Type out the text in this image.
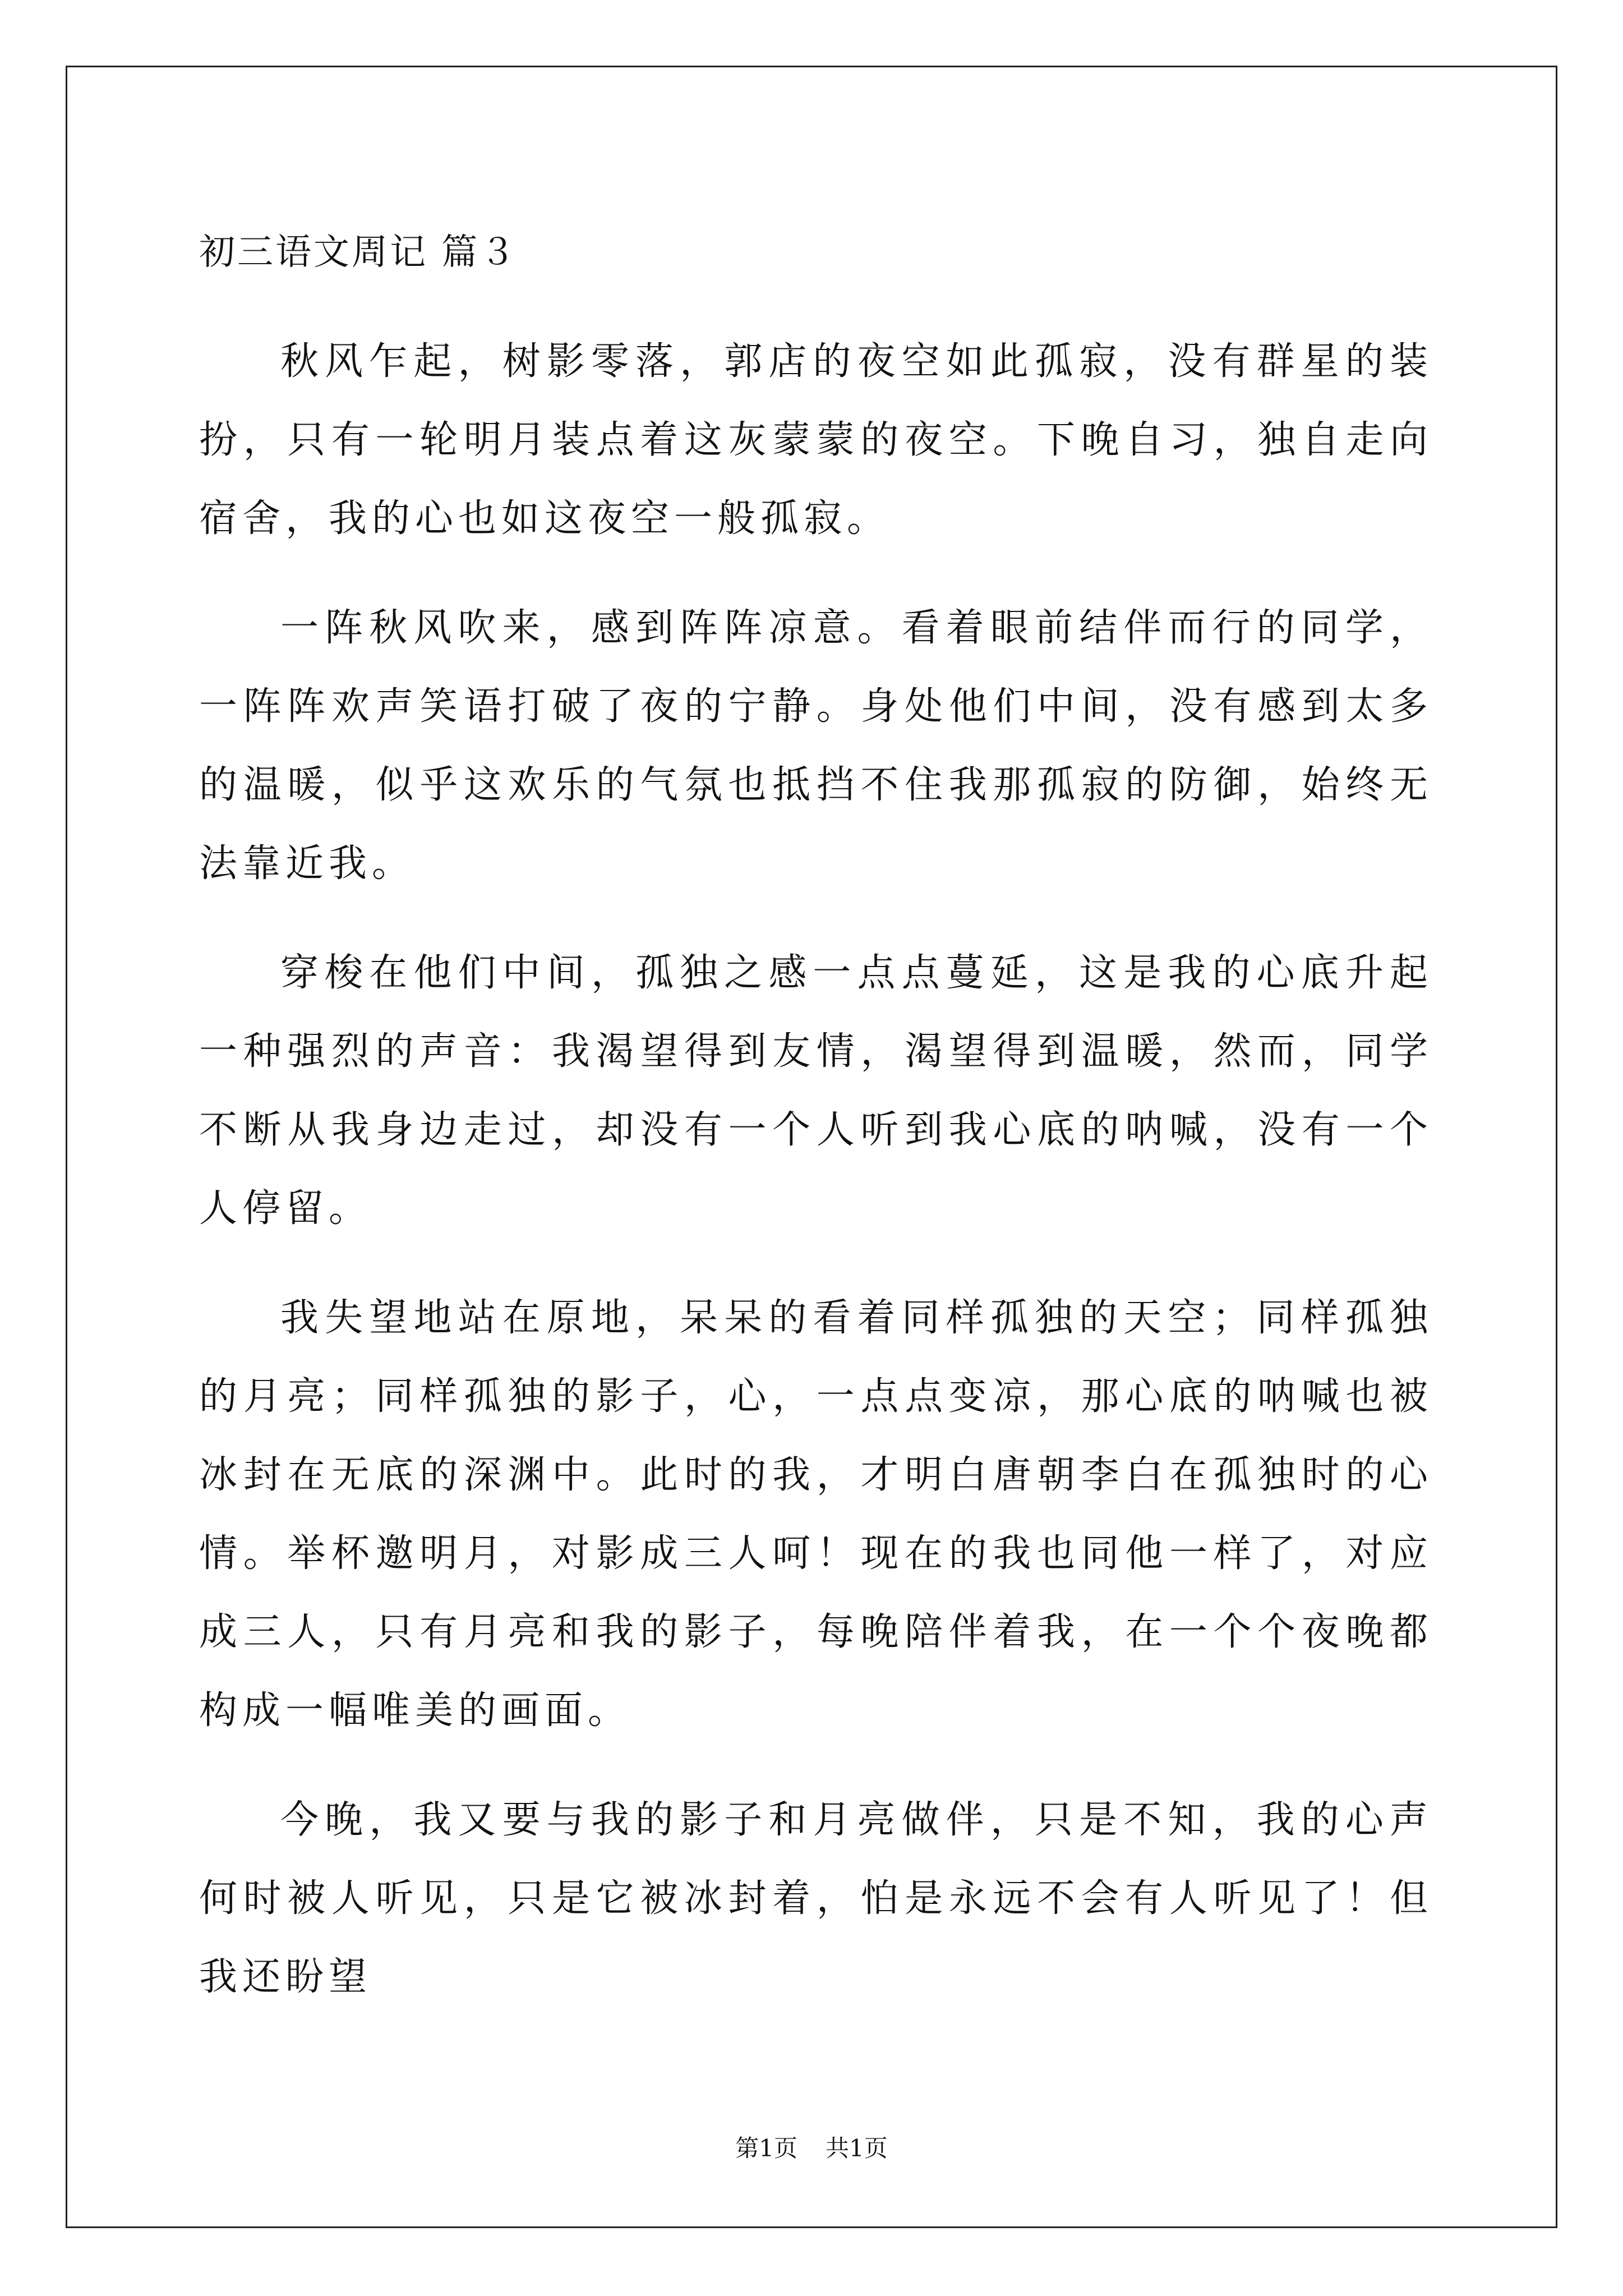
初三语文周记 篇３

秋风乍起，树影零落，郭店的夜空如此孤寂，没有群星的装扮，只有一轮明月装点着这灰蒙蒙的夜空。下晚自习，独自走向宿舍，我的心也如这夜空一般孤寂。

一阵秋风吹来，感到阵阵凉意。看着眼前结伴而行的同学，一阵阵欢声笑语打破了夜的宁静。身处他们中间，没有感到太多的温暖，似乎这欢乐的气氛也抵挡不住我那孤寂的防御，始终无法靠近我。

穿梭在他们中间，孤独之感一点点蔓延，这是我的心底升起一种强烈的声音：我渴望得到友情，渴望得到温暖，然而，同学不断从我身边走过，却没有一个人听到我心底的呐喊，没有一个人停留。

我失望地站在原地，呆呆的看着同样孤独的天空；同样孤独的月亮；同样孤独的影子，心，一点点变凉，那心底的呐喊也被冰封在无底的深渊中。此时的我，才明白唐朝李白在孤独时的心情。举杯邀明月，对影成三人呵！现在的我也同他一样了，对应成三人，只有月亮和我的影子，每晚陪伴着我，在一个个夜晚都构成一幅唯美的画面。

今晚，我又要与我的影子和月亮做伴，只是不知，我的心声何时被人听见，只是它被冰封着，怕是永远不会有人听见了！但我还盼望

第1页 共1页
